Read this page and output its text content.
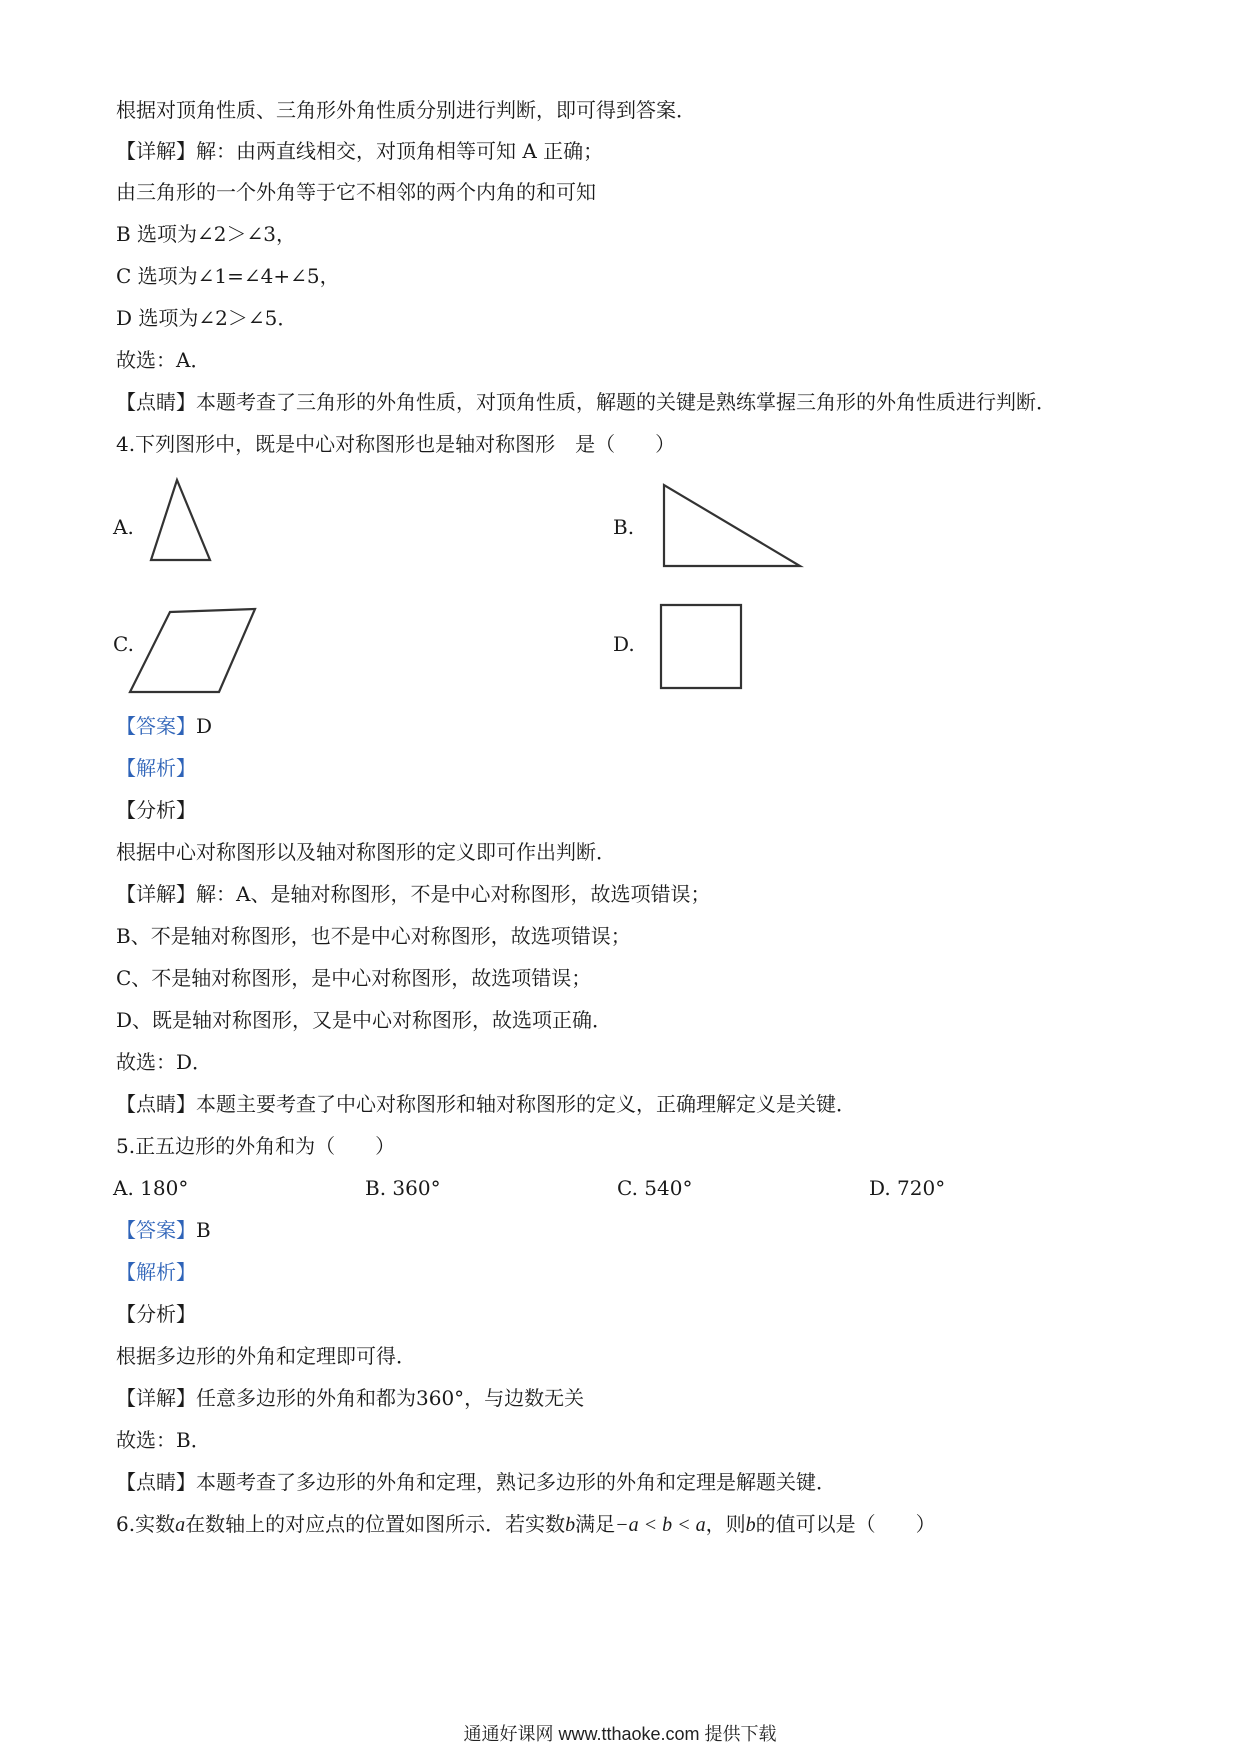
根据对顶角性质、三角形外角性质分别进行判断，即可得到答案．
【详解】解：由两直线相交，对顶角相等可知 A 正确；
由三角形的一个外角等于它不相邻的两个内角的和可知
B 选项为∠2＞∠3，
C 选项为∠1=∠4+∠5，
D 选项为∠2＞∠5．
故选：A．
【点睛】本题考查了三角形的外角性质，对顶角性质，解题的关键是熟练掌握三角形的外角性质进行判断．
4.下列图形中，既是中心对称图形也是轴对称图形　是（　　）
A.	B.
C.	D.
【答案】D
【解析】
【分析】
根据中心对称图形以及轴对称图形的定义即可作出判断．
【详解】解：A、是轴对称图形，不是中心对称图形，故选项错误；
B、不是轴对称图形，也不是中心对称图形，故选项错误；
C、不是轴对称图形，是中心对称图形，故选项错误；
D、既是轴对称图形，又是中心对称图形，故选项正确．
故选：D．
【点睛】本题主要考查了中心对称图形和轴对称图形的定义，正确理解定义是关键．
5.正五边形的外角和为（　　）
A. 180°	B. 360°	C. 540°	D. 720°
【答案】B
【解析】
【分析】
根据多边形的外角和定理即可得．
【详解】任意多边形的外角和都为360°，与边数无关
故选：B．
【点睛】本题考查了多边形的外角和定理，熟记多边形的外角和定理是解题关键．
6.实数a在数轴上的对应点的位置如图所示．若实数b满足−a < b < a，则b的值可以是（　　）
通通好课网 www.tthaoke.com 提供下载
